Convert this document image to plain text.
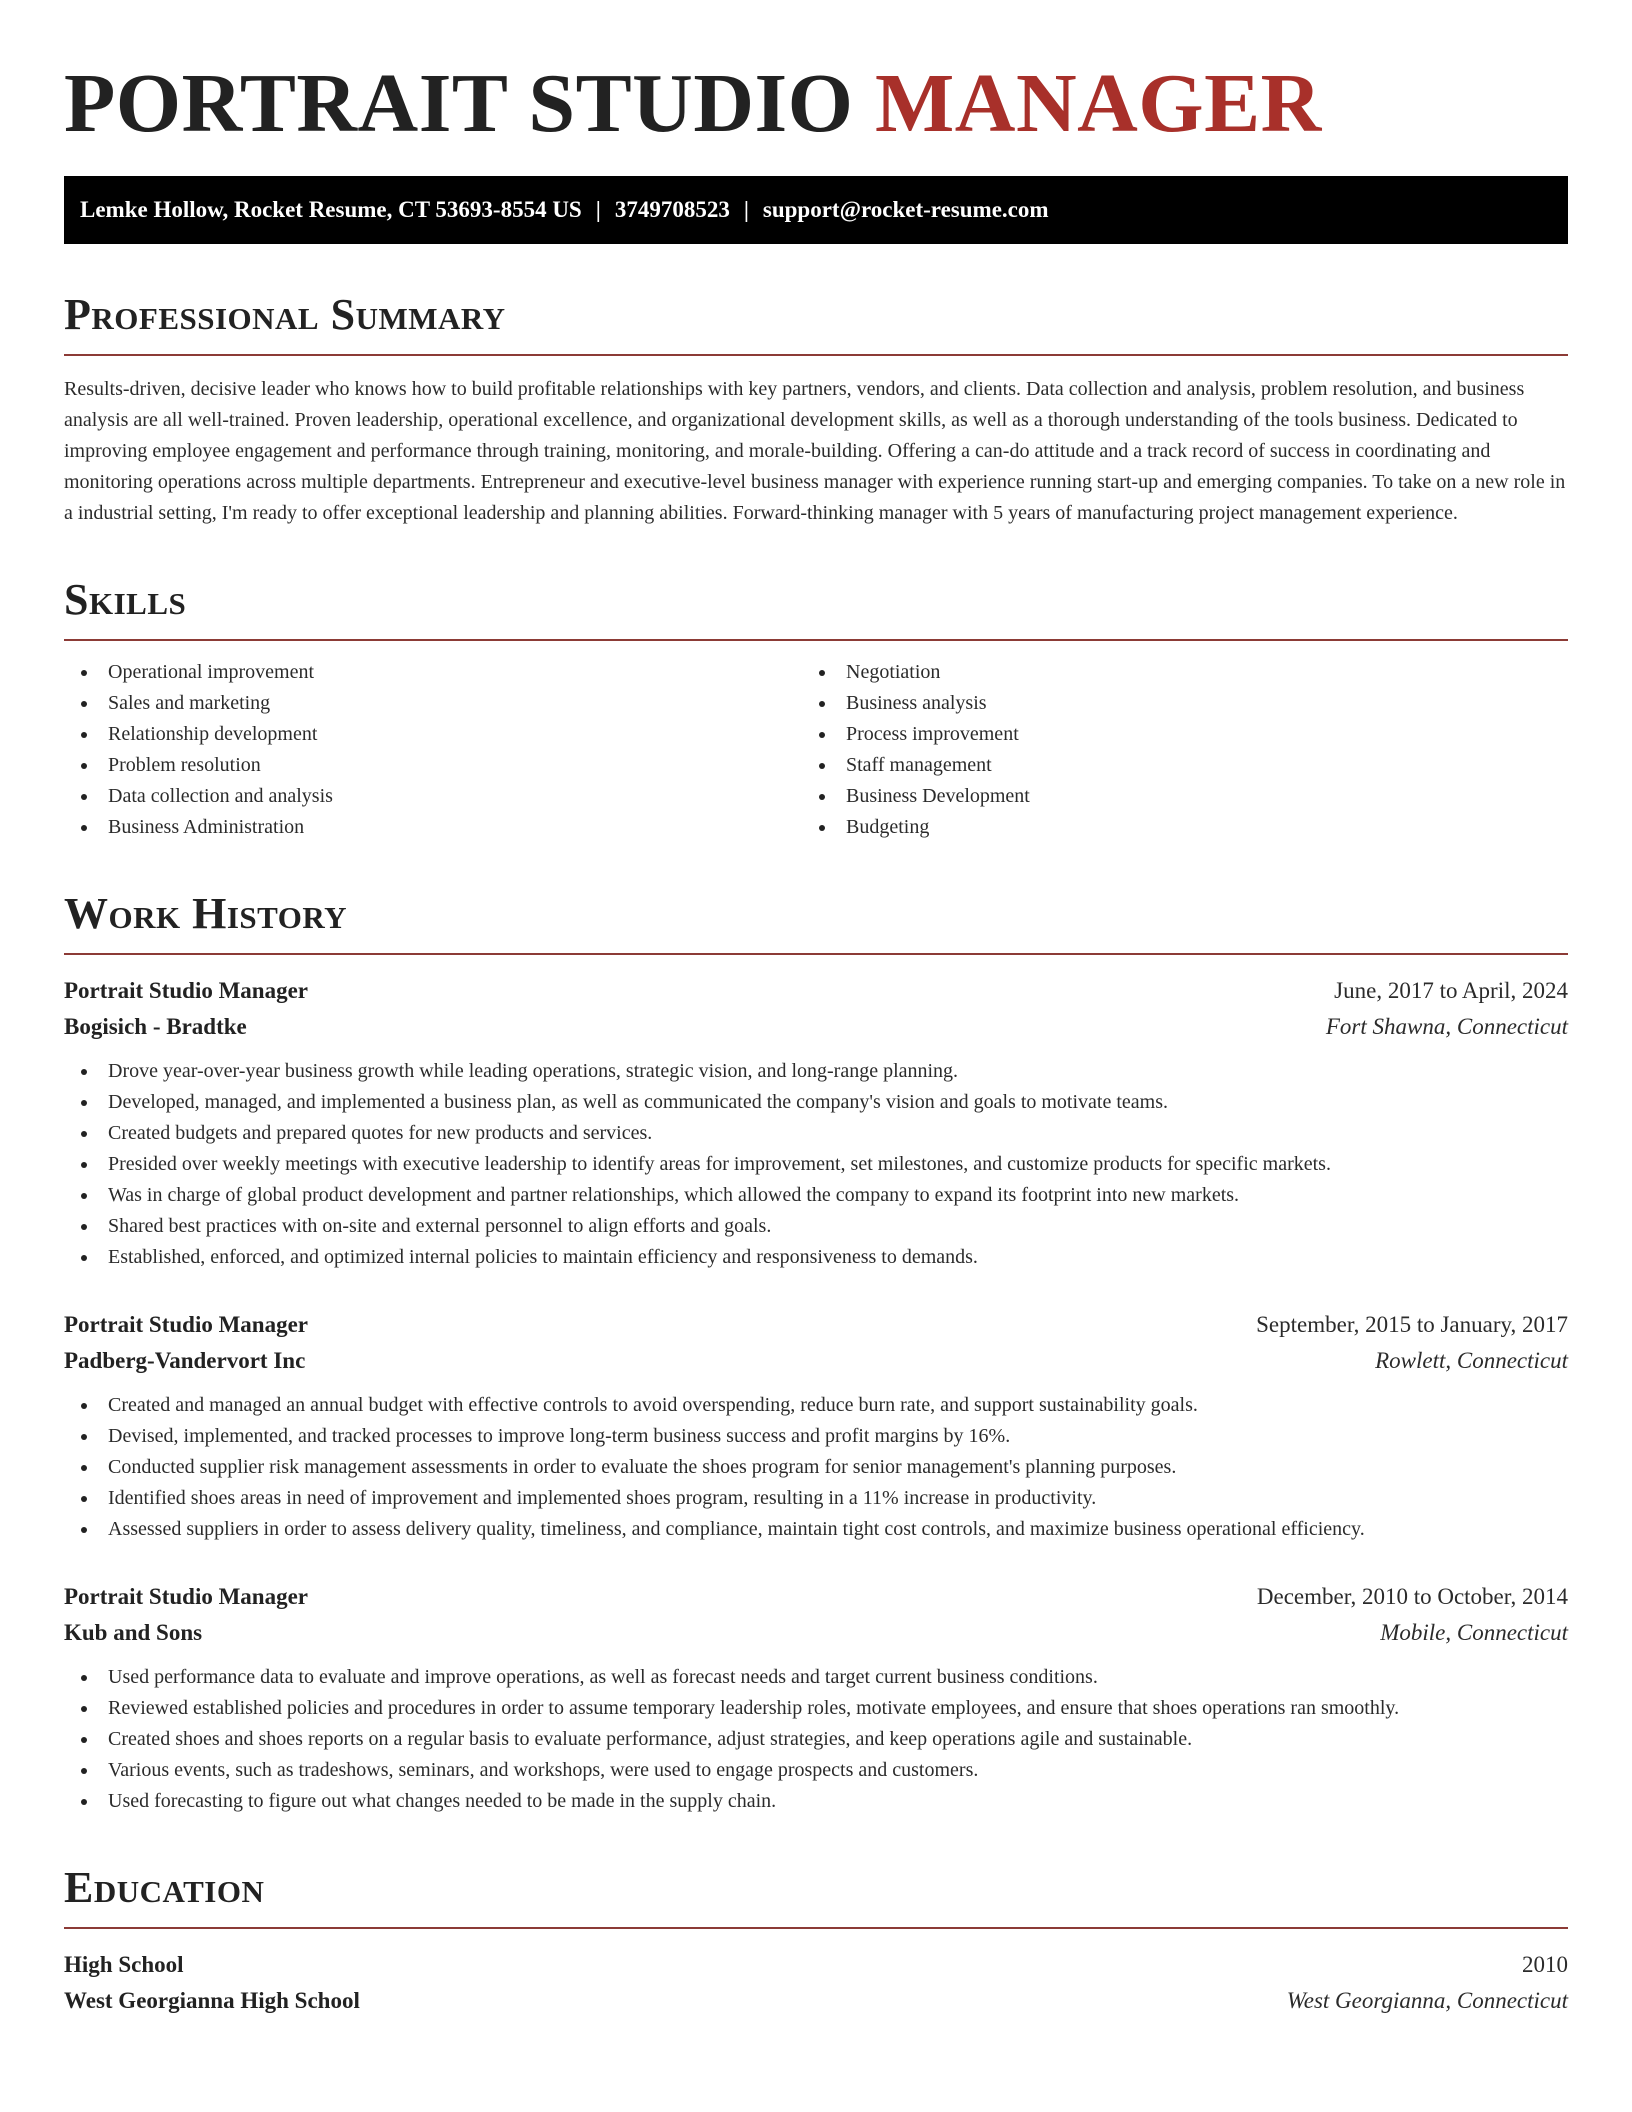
PORTRAIT STUDIO MANAGER
Lemke Hollow, Rocket Resume, CT 53693-8554 US | 3749708523 | support@rocket-resume.com
Professional Summary

Results-driven, decisive leader who knows how to build profitable relationships with key partners, vendors, and clients. Data collection and analysis, problem resolution, and business analysis are all well-trained. Proven leadership, operational excellence, and organizational development skills, as well as a thorough understanding of the tools business. Dedicated to improving employee engagement and performance through training, monitoring, and morale-building. Offering a can-do attitude and a track record of success in coordinating and monitoring operations across multiple departments. Entrepreneur and executive-level business manager with experience running start-up and emerging companies. To take on a new role in a industrial setting, I'm ready to offer exceptional leadership and planning abilities. Forward-thinking manager with 5 years of manufacturing project management experience.

Skills
Operational improvement
Sales and marketing
Relationship development
Problem resolution
Data collection and analysis
Business Administration
Negotiation
Business analysis
Process improvement
Staff management
Business Development
Budgeting
Work History
Portrait Studio Manager	June, 2017 to April, 2024
Bogisich - Bradtke	Fort Shawna, Connecticut
Drove year-over-year business growth while leading operations, strategic vision, and long-range planning.
Developed, managed, and implemented a business plan, as well as communicated the company's vision and goals to motivate teams.
Created budgets and prepared quotes for new products and services.
Presided over weekly meetings with executive leadership to identify areas for improvement, set milestones, and customize products for specific markets.
Was in charge of global product development and partner relationships, which allowed the company to expand its footprint into new markets.
Shared best practices with on-site and external personnel to align efforts and goals.
Established, enforced, and optimized internal policies to maintain efficiency and responsiveness to demands.
Portrait Studio Manager	September, 2015 to January, 2017
Padberg-Vandervort Inc	Rowlett, Connecticut
Created and managed an annual budget with effective controls to avoid overspending, reduce burn rate, and support sustainability goals.
Devised, implemented, and tracked processes to improve long-term business success and profit margins by 16%.
Conducted supplier risk management assessments in order to evaluate the shoes program for senior management's planning purposes.
Identified shoes areas in need of improvement and implemented shoes program, resulting in a 11% increase in productivity.
Assessed suppliers in order to assess delivery quality, timeliness, and compliance, maintain tight cost controls, and maximize business operational efficiency.
Portrait Studio Manager	December, 2010 to October, 2014
Kub and Sons	Mobile, Connecticut
Used performance data to evaluate and improve operations, as well as forecast needs and target current business conditions.
Reviewed established policies and procedures in order to assume temporary leadership roles, motivate employees, and ensure that shoes operations ran smoothly.
Created shoes and shoes reports on a regular basis to evaluate performance, adjust strategies, and keep operations agile and sustainable.
Various events, such as tradeshows, seminars, and workshops, were used to engage prospects and customers.
Used forecasting to figure out what changes needed to be made in the supply chain.
Education
High School	2010
West Georgianna High School	West Georgianna, Connecticut
